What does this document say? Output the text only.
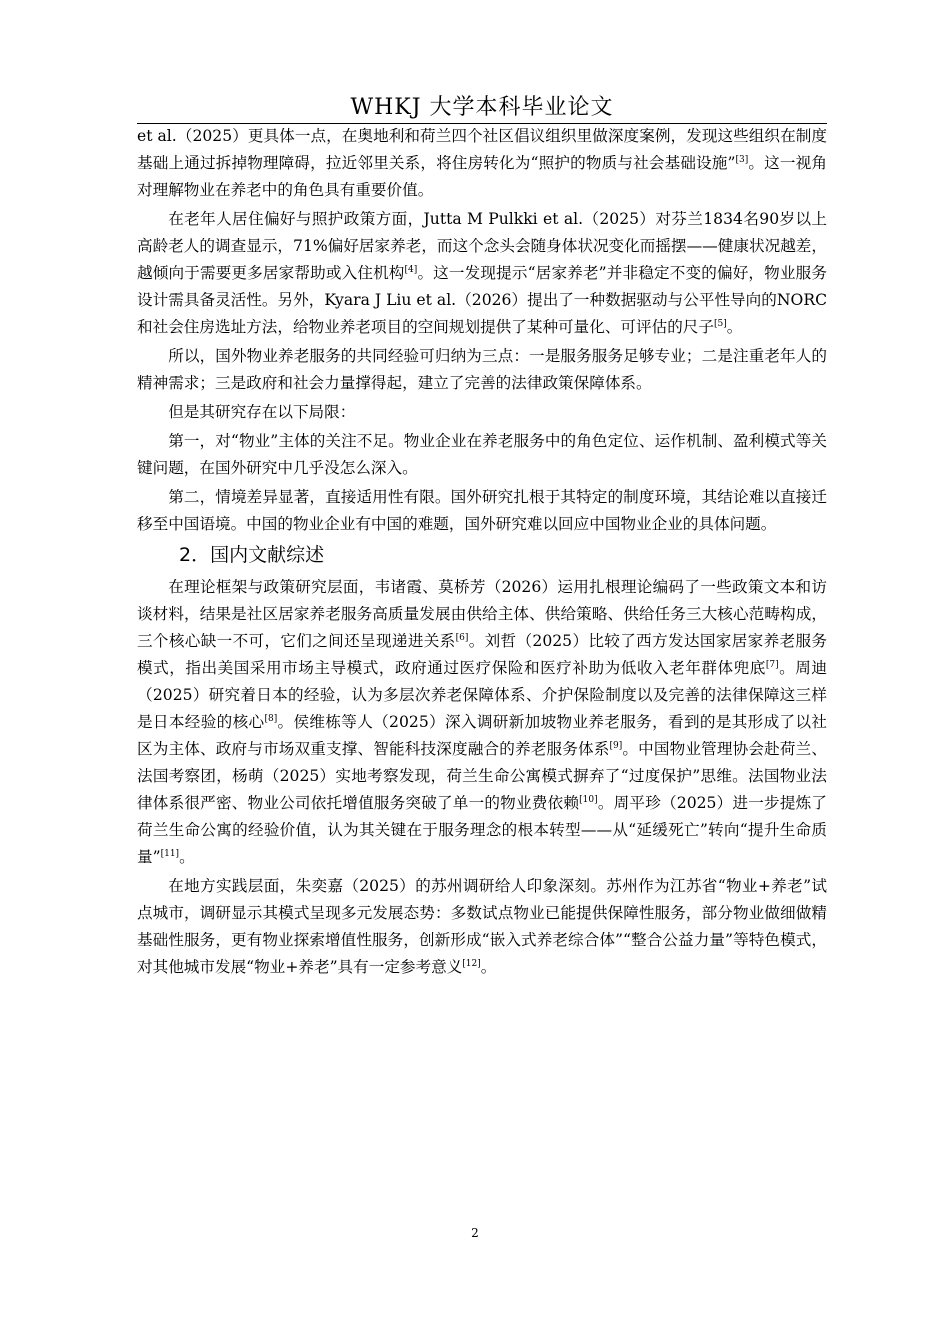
WHKJ 大学本科毕业论文

et al.（2025）更具体一点，在奥地利和荷兰四个社区倡议组织里做深度案例，发现这些组织在制度基础上通过拆掉物理障碍，拉近邻里关系，将住房转化为“照护的物质与社会基础设施”[3]。这一视角对理解物业在养老中的角色具有重要价值。

在老年人居住偏好与照护政策方面，Jutta M Pulkki et al.（2025）对芬兰1834名90岁以上高龄老人的调查显示，71%偏好居家养老，而这个念头会随身体状况变化而摇摆——健康状况越差，越倾向于需要更多居家帮助或入住机构[4]。这一发现提示“居家养老”并非稳定不变的偏好，物业服务设计需具备灵活性。另外，Kyara J Liu et al.（2026）提出了一种数据驱动与公平性导向的NORC和社会住房选址方法，给物业养老项目的空间规划提供了某种可量化、可评估的尺子[5]。

所以，国外物业养老服务的共同经验可归纳为三点：一是服务服务足够专业；二是注重老年人的精神需求；三是政府和社会力量撑得起，建立了完善的法律政策保障体系。

但是其研究存在以下局限：

第一，对“物业”主体的关注不足。物业企业在养老服务中的角色定位、运作机制、盈利模式等关键问题，在国外研究中几乎没怎么深入。

第二，情境差异显著，直接适用性有限。国外研究扎根于其特定的制度环境，其结论难以直接迁移至中国语境。中国的物业企业有中国的难题，国外研究难以回应中国物业企业的具体问题。

2．国内文献综述

在理论框架与政策研究层面，韦诸霞、莫桥芳（2026）运用扎根理论编码了一些政策文本和访谈材料，结果是社区居家养老服务高质量发展由供给主体、供给策略、供给任务三大核心范畴构成，三个核心缺一不可，它们之间还呈现递进关系[6]。刘哲（2025）比较了西方发达国家居家养老服务模式，指出美国采用市场主导模式，政府通过医疗保险和医疗补助为低收入老年群体兜底[7]。周迪（2025）研究着日本的经验，认为多层次养老保障体系、介护保险制度以及完善的法律保障这三样是日本经验的核心[8]。侯维栋等人（2025）深入调研新加坡物业养老服务，看到的是其形成了以社区为主体、政府与市场双重支撑、智能科技深度融合的养老服务体系[9]。中国物业管理协会赴荷兰、法国考察团，杨萌（2025）实地考察发现，荷兰生命公寓模式摒弃了“过度保护”思维。法国物业法律体系很严密、物业公司依托增值服务突破了单一的物业费依赖[10]。周平珍（2025）进一步提炼了荷兰生命公寓的经验价值，认为其关键在于服务理念的根本转型——从“延缓死亡”转向“提升生命质量”[11]。

在地方实践层面，朱奕嘉（2025）的苏州调研给人印象深刻。苏州作为江苏省“物业+养老”试点城市，调研显示其模式呈现多元发展态势：多数试点物业已能提供保障性服务，部分物业做细做精基础性服务，更有物业探索增值性服务，创新形成“嵌入式养老综合体”“整合公益力量”等特色模式，对其他城市发展“物业+养老”具有一定参考意义[12]。

2
